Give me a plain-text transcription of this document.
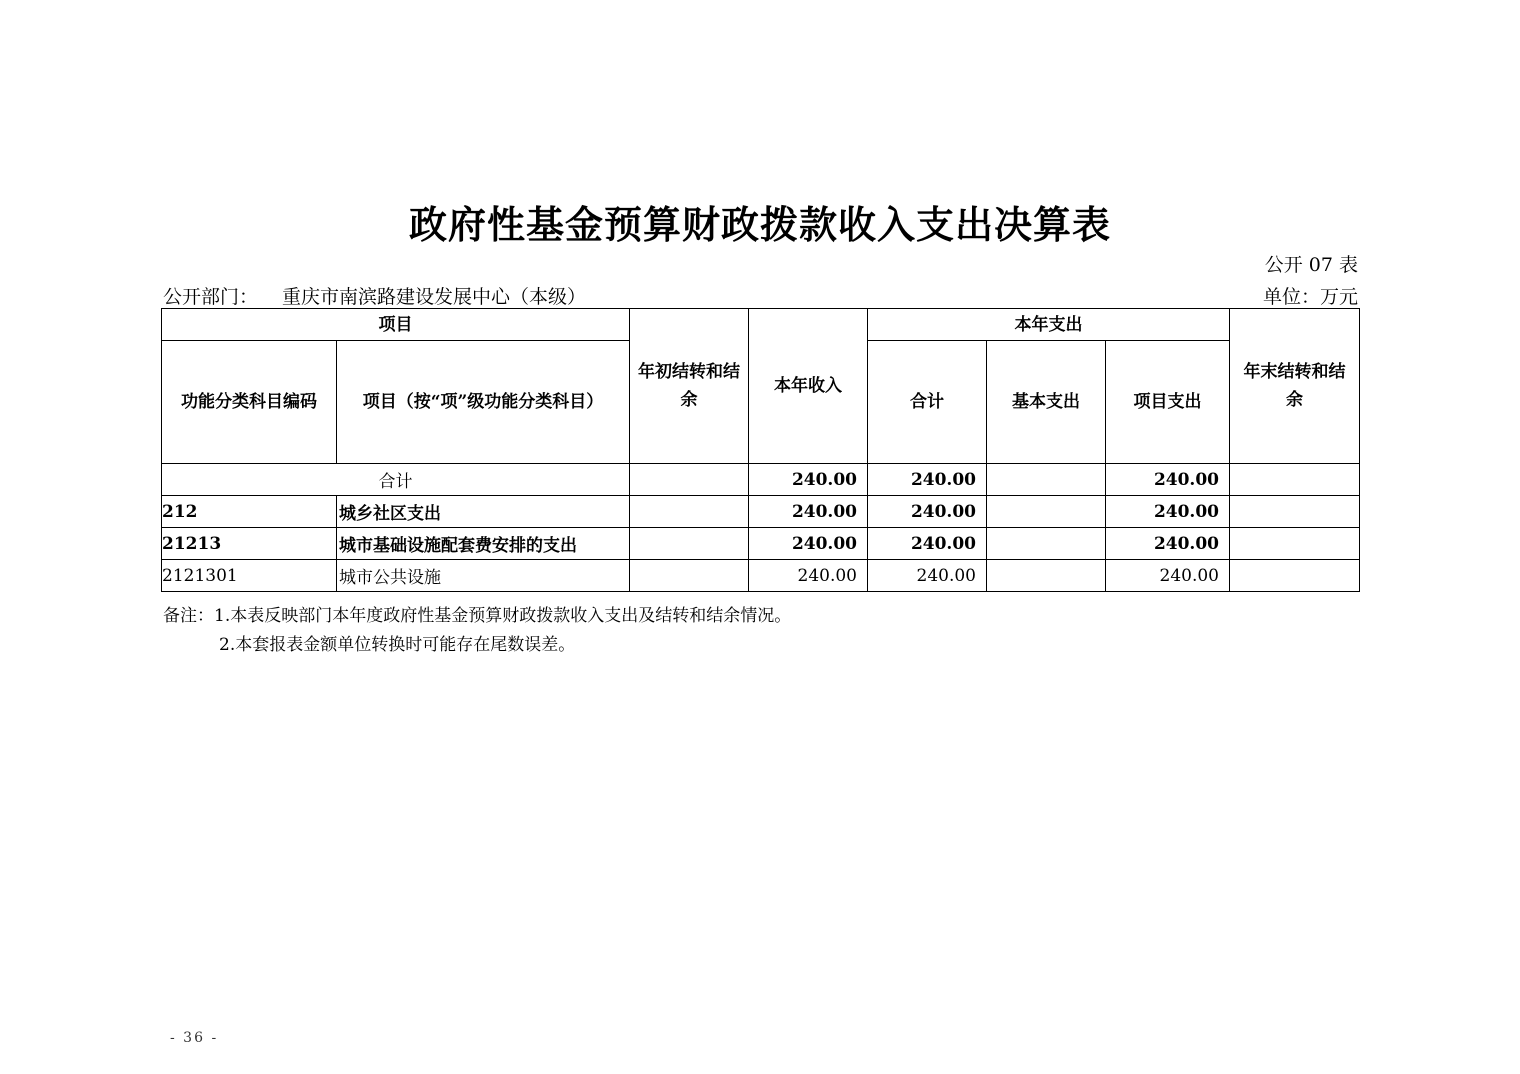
政府性基金预算财政拨款收入支出决算表
公开 07 表
公开部门： 重庆市南滨路建设发展中心（本级）	单位：万元
项目		年初结转和结余	本年收入	本年支出			年末结转和结余
功能分类科目编码	项目（按“项”级功能分类科目）			合计	基本支出	项目支出	
合计			240.00	240.00		240.00	
212	城乡社区支出		240.00	240.00		240.00	
21213	城市基础设施配套费安排的支出		240.00	240.00		240.00	
2121301	城市公共设施		240.00	240.00		240.00	
备注：1.本表反映部门本年度政府性基金预算财政拨款收入支出及结转和结余情况。
2.本套报表金额单位转换时可能存在尾数误差。
- 36 -
